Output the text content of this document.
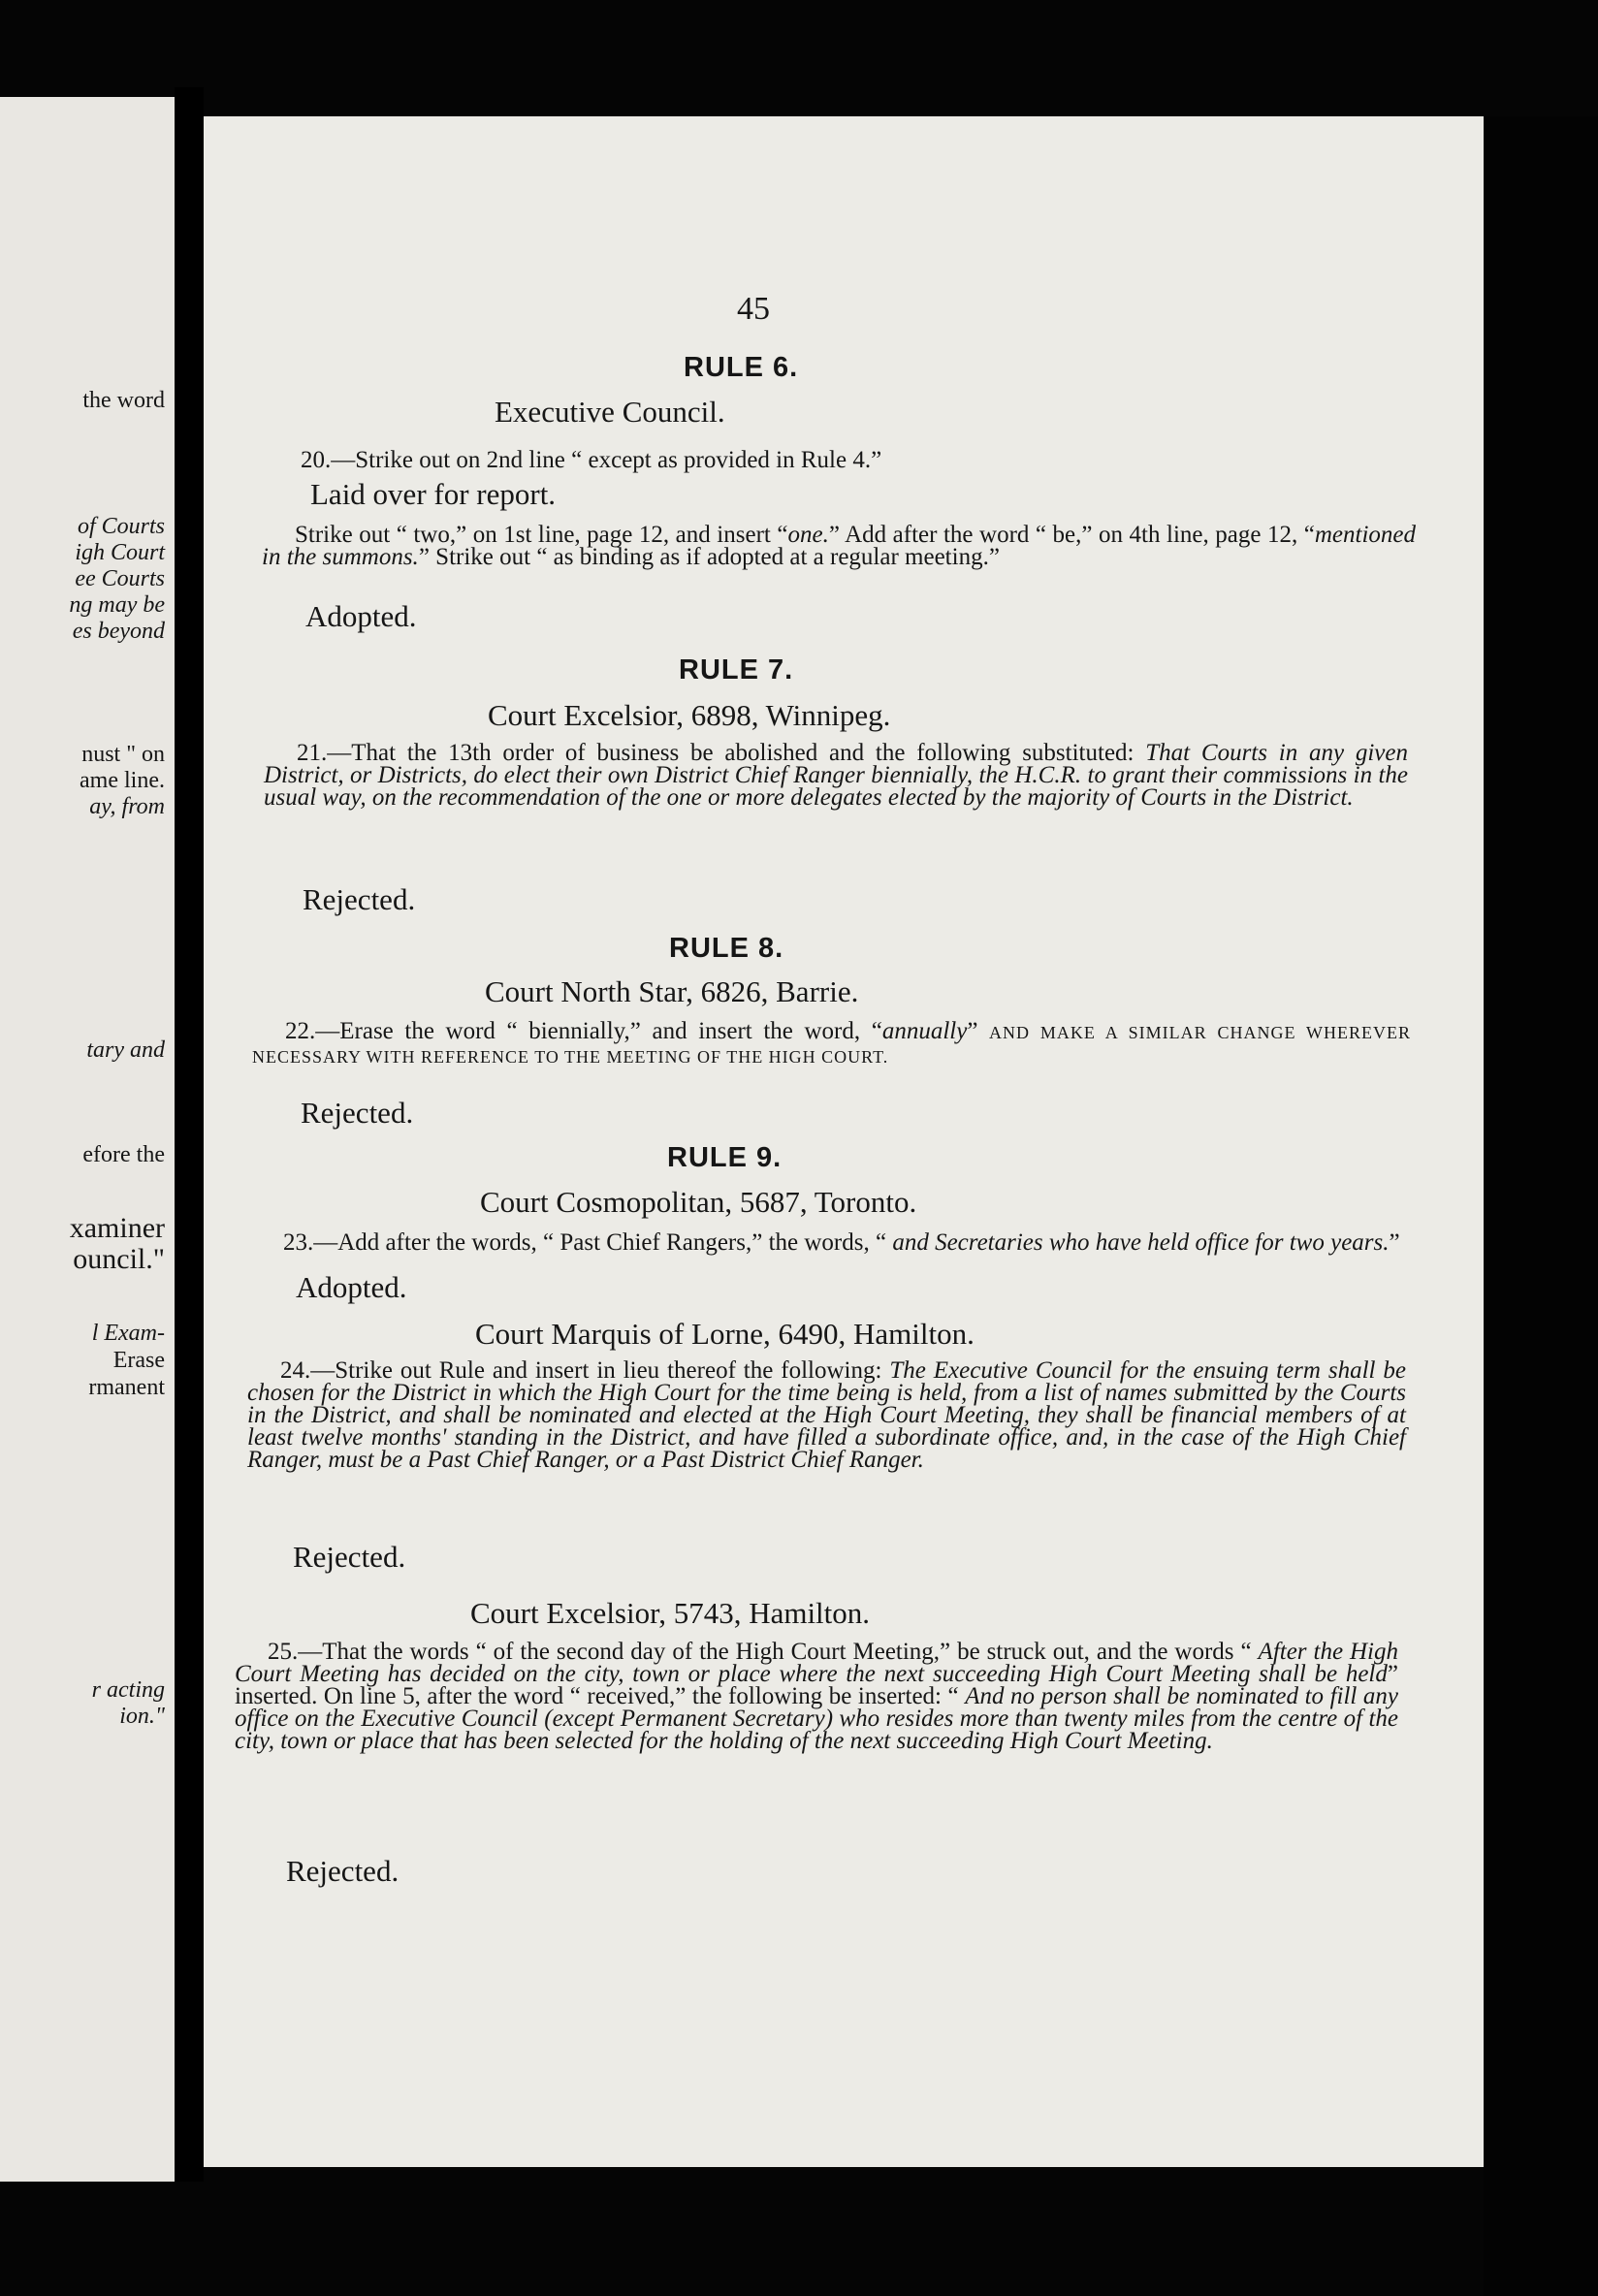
the word
of Courts
igh Court
ee Courts
ng may be
es beyond
nust " on
ame line.
ay, from
tary and
efore the
xaminer
ouncil."
l Exam-
Erase
rmanent
r acting
ion."
45
RULE 6.
Executive Council.
20.—Strike out on 2nd line “ except as provided in Rule 4.”
Laid over for report.
Strike out “ two,” on 1st line, page 12, and insert “one.” Add after the word “ be,” on 4th line, page 12, “mentioned in the summons.” Strike out “ as binding as if adopted at a regular meeting.”
Adopted.
RULE 7.
Court Excelsior, 6898, Winnipeg.
21.—That the 13th order of business be abolished and the following substituted: That Courts in any given District, or Districts, do elect their own District Chief Ranger biennially, the H.C.R. to grant their commissions in the usual way, on the recommendation of the one or more delegates elected by the majority of Courts in the District.
Rejected.
RULE 8.
Court North Star, 6826, Barrie.
22.—Erase the word “ biennially,” and insert the word, “annually” AND MAKE A SIMILAR CHANGE WHEREVER NECESSARY WITH REFERENCE TO THE MEETING OF THE HIGH COURT.
Rejected.
RULE 9.
Court Cosmopolitan, 5687, Toronto.
23.—Add after the words, “ Past Chief Rangers,” the words, “ and Secretaries who have held office for two years.”
Adopted.
Court Marquis of Lorne, 6490, Hamilton.
24.—Strike out Rule and insert in lieu thereof the following: The Executive Council for the ensuing term shall be chosen for the District in which the High Court for the time being is held, from a list of names submitted by the Courts in the District, and shall be nominated and elected at the High Court Meeting, they shall be financial members of at least twelve months' standing in the District, and have filled a subordinate office, and, in the case of the High Chief Ranger, must be a Past Chief Ranger, or a Past District Chief Ranger.
Rejected.
Court Excelsior, 5743, Hamilton.
25.—That the words “ of the second day of the High Court Meeting,” be struck out, and the words “ After the High Court Meeting has decided on the city, town or place where the next succeeding High Court Meeting shall be held” inserted. On line 5, after the word “ received,” the following be inserted: “ And no person shall be nominated to fill any office on the Executive Council (except Permanent Secretary) who resides more than twenty miles from the centre of the city, town or place that has been selected for the holding of the next succeeding High Court Meeting.
Rejected.
